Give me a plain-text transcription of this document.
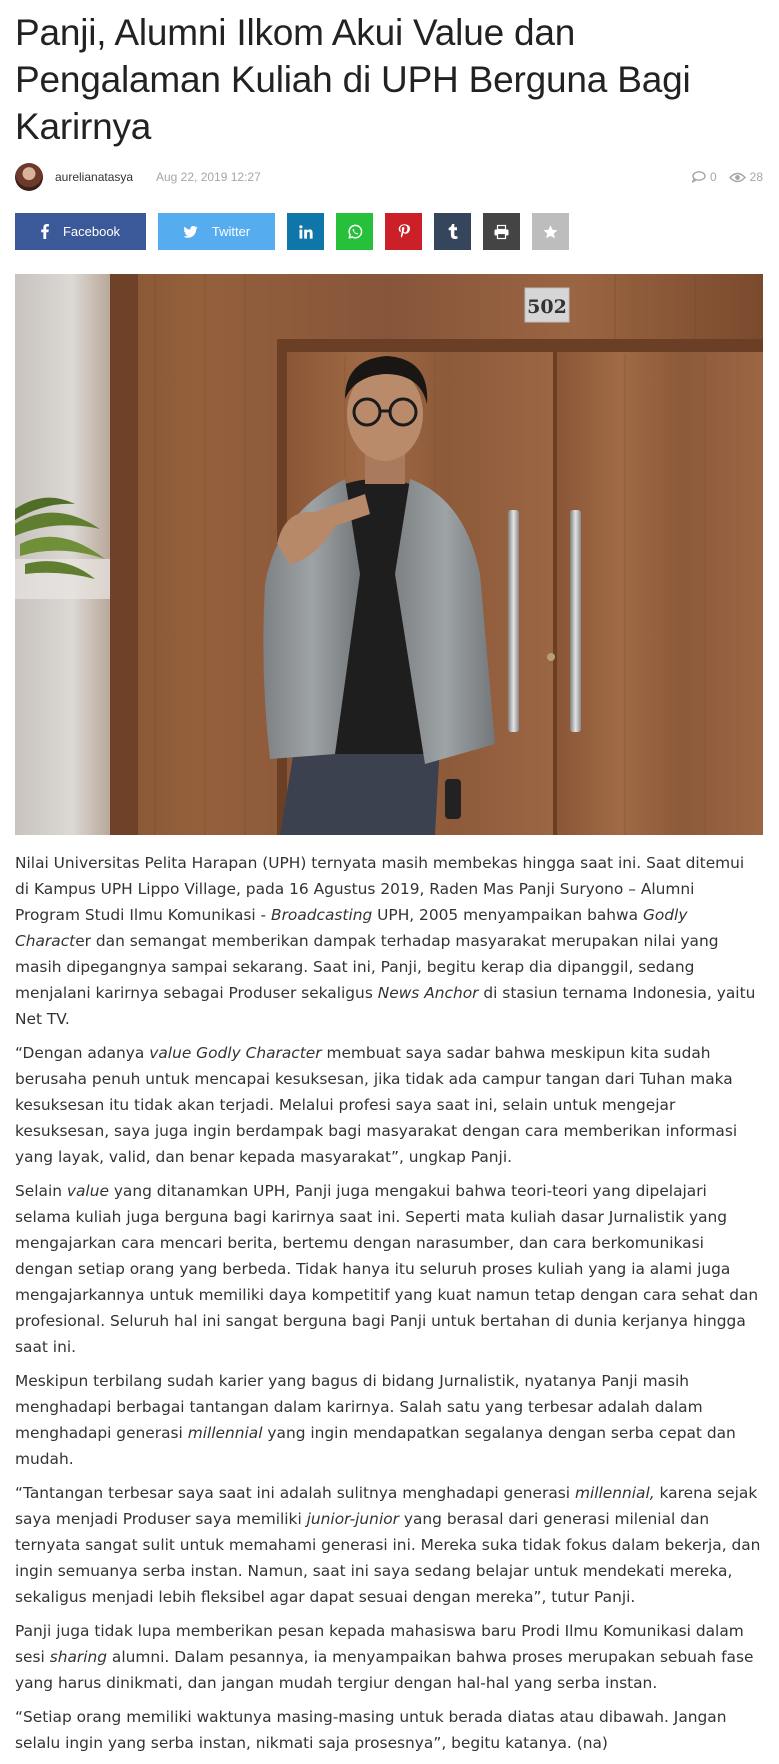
Panji, Alumni Ilkom Akui Value dan Pengalaman Kuliah di UPH Berguna Bagi Karirnya
aurelianatasya Aug 22, 2019 12:27	0	28
Facebook	Twitter
502

Nilai Universitas Pelita Harapan (UPH) ternyata masih membekas hingga saat ini. Saat ditemui di Kampus UPH Lippo Village, pada 16 Agustus 2019, Raden Mas Panji Suryono – Alumni Program Studi Ilmu Komunikasi - Broadcasting UPH, 2005 menyampaikan bahwa Godly Character dan semangat memberikan dampak terhadap masyarakat merupakan nilai yang masih dipegangnya sampai sekarang. Saat ini, Panji, begitu kerap dia dipanggil, sedang menjalani karirnya sebagai Produser sekaligus News Anchor di stasiun ternama Indonesia, yaitu Net TV.

“Dengan adanya value Godly Character membuat saya sadar bahwa meskipun kita sudah berusaha penuh untuk mencapai kesuksesan, jika tidak ada campur tangan dari Tuhan maka kesuksesan itu tidak akan terjadi. Melalui profesi saya saat ini, selain untuk mengejar kesuksesan, saya juga ingin berdampak bagi masyarakat dengan cara memberikan informasi yang layak, valid, dan benar kepada masyarakat”, ungkap Panji.

Selain value yang ditanamkan UPH, Panji juga mengakui bahwa teori-teori yang dipelajari selama kuliah juga berguna bagi karirnya saat ini. Seperti mata kuliah dasar Jurnalistik yang mengajarkan cara mencari berita, bertemu dengan narasumber, dan cara berkomunikasi dengan setiap orang yang berbeda. Tidak hanya itu seluruh proses kuliah yang ia alami juga mengajarkannya untuk memiliki daya kompetitif yang kuat namun tetap dengan cara sehat dan profesional. Seluruh hal ini sangat berguna bagi Panji untuk bertahan di dunia kerjanya hingga saat ini.

Meskipun terbilang sudah karier yang bagus di bidang Jurnalistik, nyatanya Panji masih menghadapi berbagai tantangan dalam karirnya. Salah satu yang terbesar adalah dalam menghadapi generasi millennial yang ingin mendapatkan segalanya dengan serba cepat dan mudah.

“Tantangan terbesar saya saat ini adalah sulitnya menghadapi generasi millennial, karena sejak saya menjadi Produser saya memiliki junior-junior yang berasal dari generasi milenial dan ternyata sangat sulit untuk memahami generasi ini. Mereka suka tidak fokus dalam bekerja, dan ingin semuanya serba instan. Namun, saat ini saya sedang belajar untuk mendekati mereka, sekaligus menjadi lebih fleksibel agar dapat sesuai dengan mereka”, tutur Panji.

Panji juga tidak lupa memberikan pesan kepada mahasiswa baru Prodi Ilmu Komunikasi dalam sesi sharing alumni. Dalam pesannya, ia menyampaikan bahwa proses merupakan sebuah fase yang harus dinikmati, dan jangan mudah tergiur dengan hal-hal yang serba instan.

“Setiap orang memiliki waktunya masing-masing untuk berada diatas atau dibawah. Jangan selalu ingin yang serba instan, nikmati saja prosesnya”, begitu katanya. (na)
